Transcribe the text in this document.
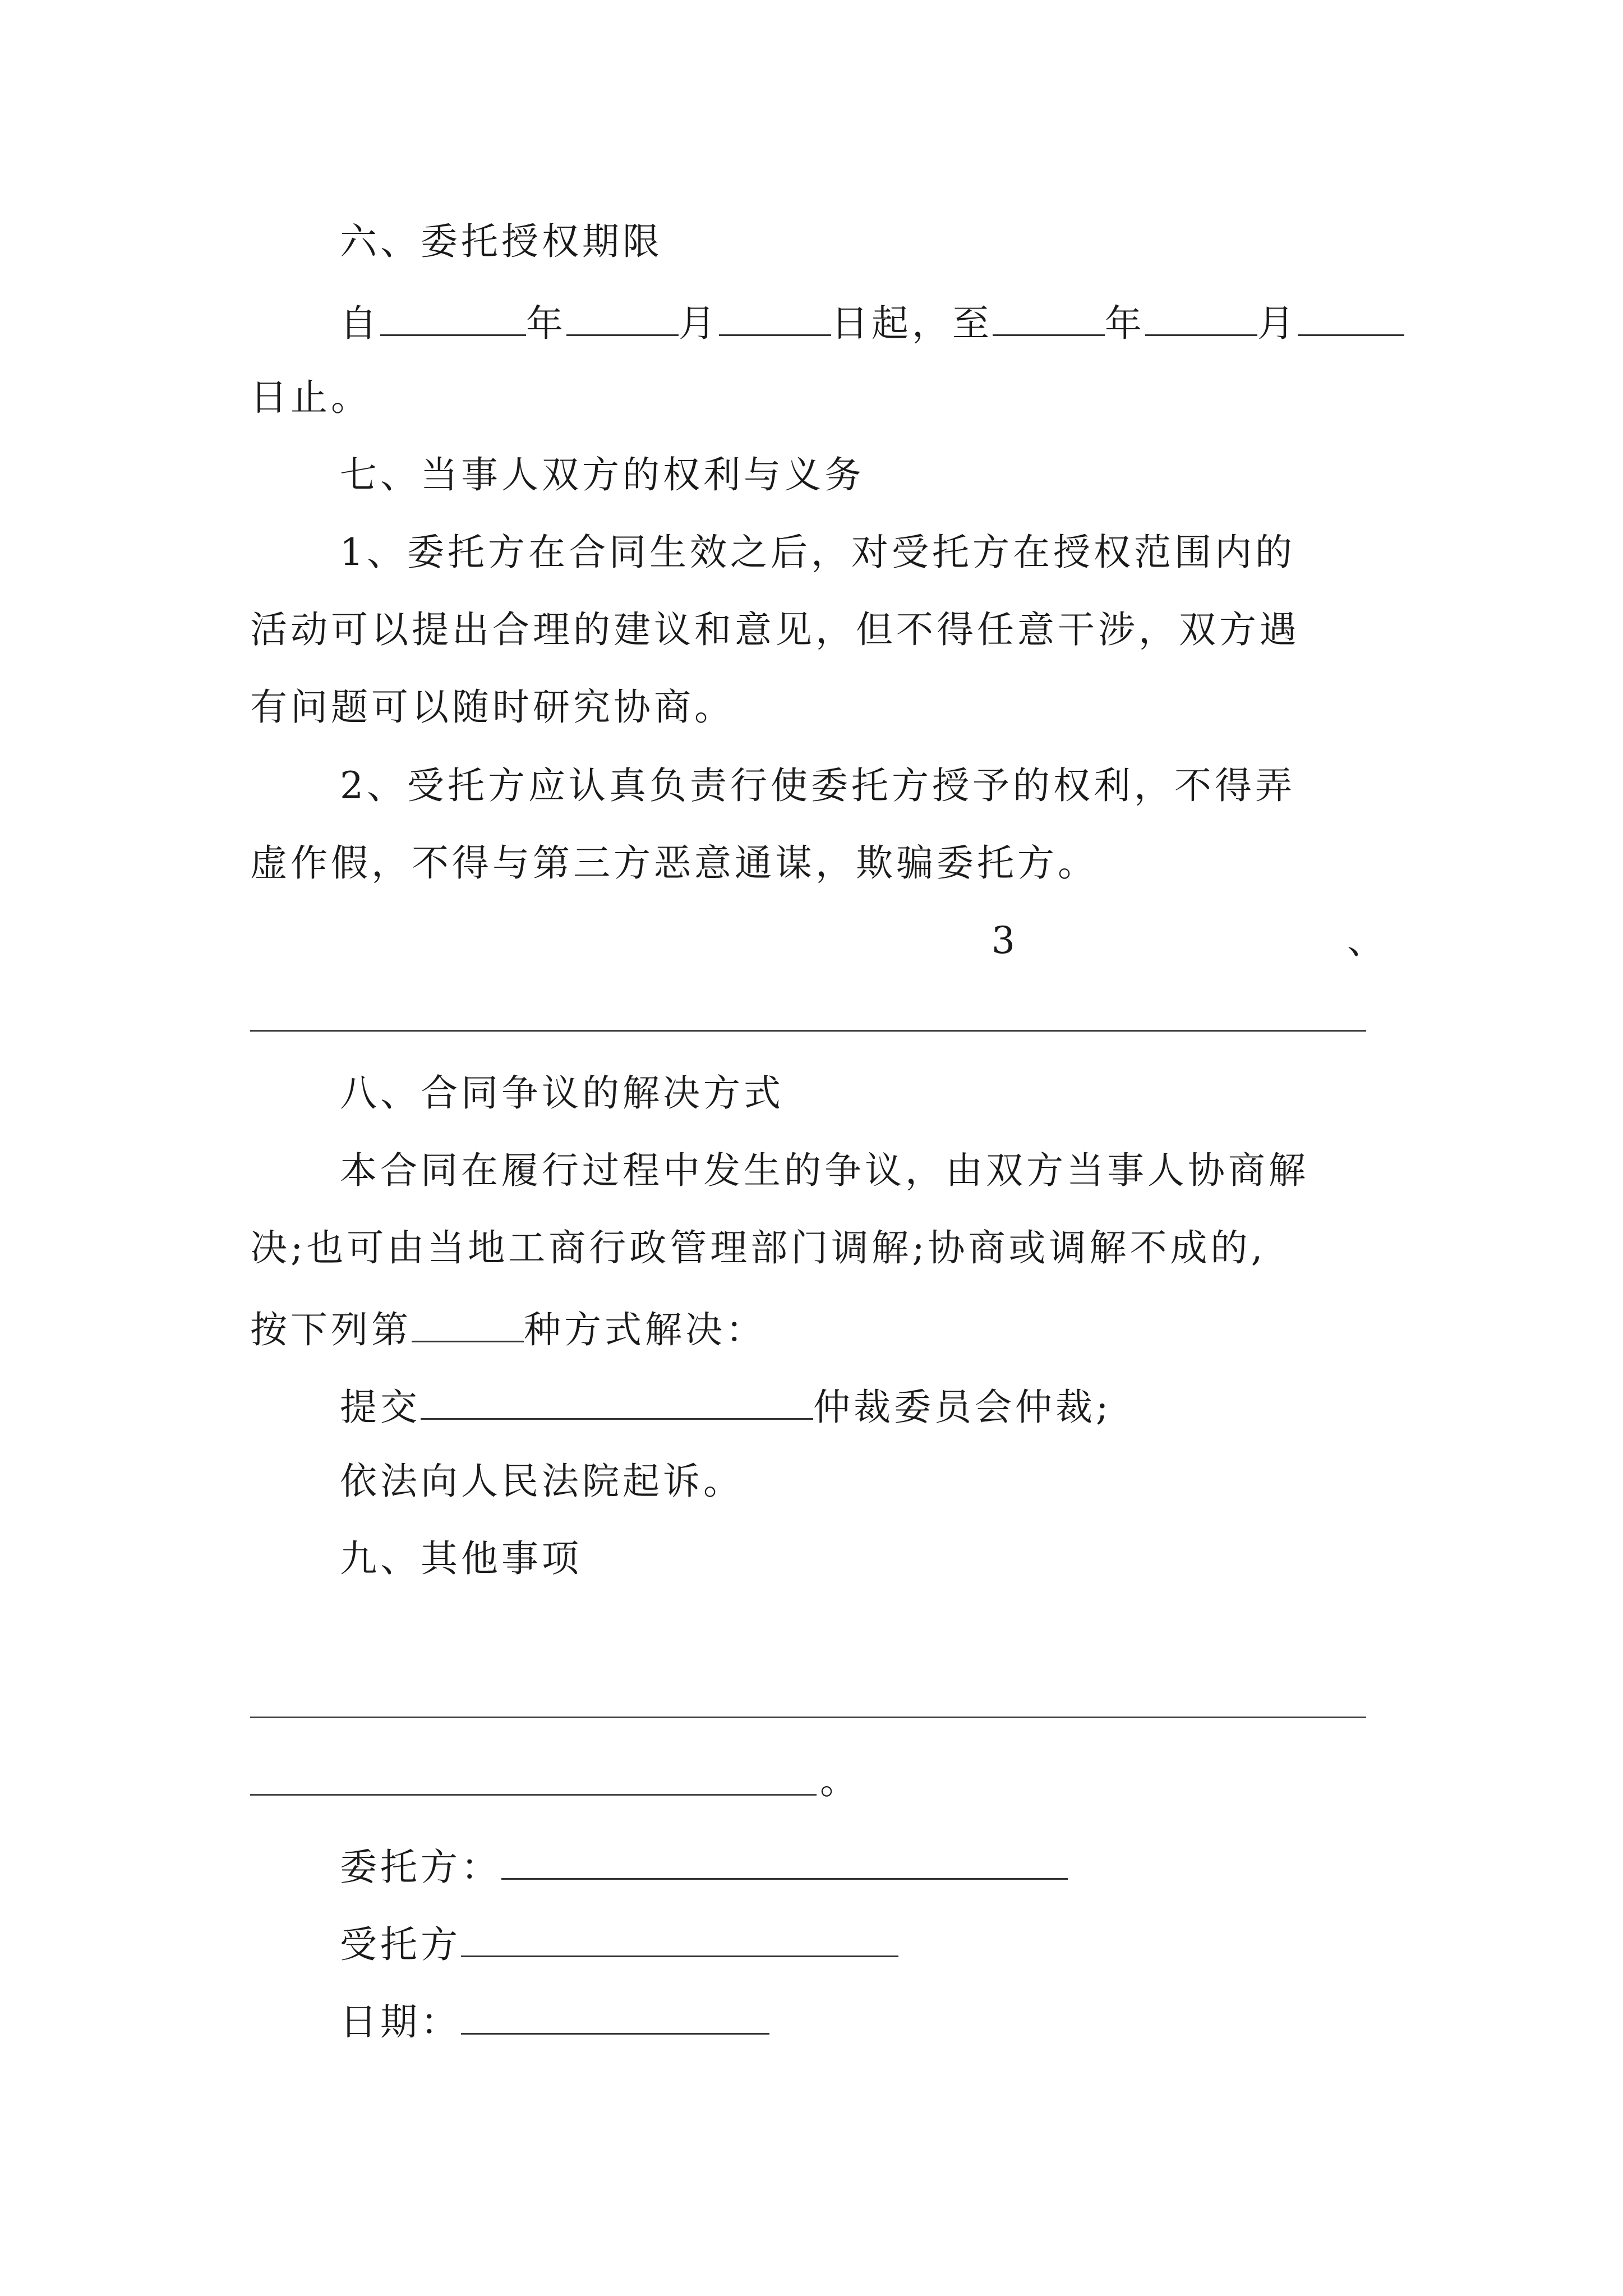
六、委托授权期限
自	年	月	日起，至	年	月
日止。
七、当事人双方的权利与义务
1、委托方在合同生效之后，对受托方在授权范围内的
活动可以提出合理的建议和意见，但不得任意干涉，双方遇
有问题可以随时研究协商。
2、受托方应认真负责行使委托方授予的权利，不得弄
虚作假，不得与第三方恶意通谋，欺骗委托方。
3	、
八、合同争议的解决方式
本合同在履行过程中发生的争议，由双方当事人协商解
决;也可由当地工商行政管理部门调解;协商或调解不成的,
按下列第	种方式解决：
提交	仲裁委员会仲裁;
依法向人民法院起诉。
九、其他事项
。
委托方：
受托方
日期：
